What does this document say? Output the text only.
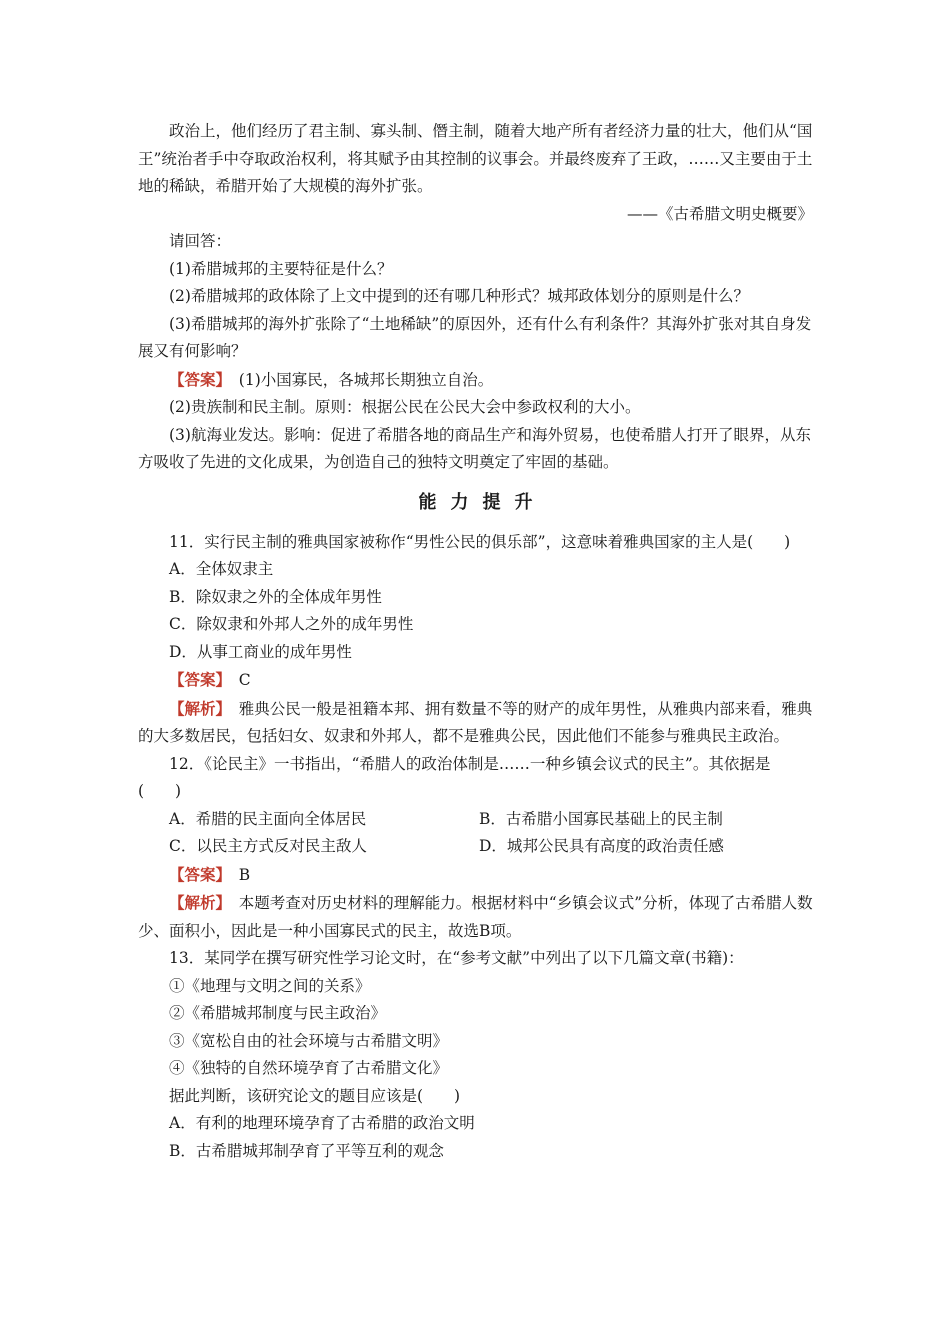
政治上，他们经历了君主制、寡头制、僭主制，随着大地产所有者经济力量的壮大，他们从“国王”统治者手中夺取政治权利，将其赋予由其控制的议事会。并最终废弃了王政，……又主要由于土地的稀缺，希腊开始了大规模的海外扩张。

——《古希腊文明史概要》

请回答：

(1)希腊城邦的主要特征是什么？

(2)希腊城邦的政体除了上文中提到的还有哪几种形式？城邦政体划分的原则是什么？

(3)希腊城邦的海外扩张除了“土地稀缺”的原因外，还有什么有利条件？其海外扩张对其自身发展又有何影响？

【答案】　 (1)小国寡民，各城邦长期独立自治。

(2)贵族制和民主制。原则：根据公民在公民大会中参政权利的大小。

(3)航海业发达。影响：促进了希腊各地的商品生产和海外贸易，也使希腊人打开了眼界，从东方吸收了先进的文化成果，为创造自己的独特文明奠定了牢固的基础。

能力提升

11．实行民主制的雅典国家被称作“男性公民的俱乐部”，这意味着雅典国家的主人是(　　)

A．全体奴隶主

B．除奴隶之外的全体成年男性

C．除奴隶和外邦人之外的成年男性

D．从事工商业的成年男性

【答案】　 C

【解析】　 雅典公民一般是祖籍本邦、拥有数量不等的财产的成年男性，从雅典内部来看，雅典的大多数居民，包括妇女、奴隶和外邦人，都不是雅典公民，因此他们不能参与雅典民主政治。

12．《论民主》一书指出，“希腊人的政治体制是……一种乡镇会议式的民主”。其依据是(　　)

A．希腊的民主面向全体居民	B．古希腊小国寡民基础上的民主制
C．以民主方式反对民主敌人	D．城邦公民具有高度的政治责任感

【答案】　 B

【解析】　 本题考查对历史材料的理解能力。根据材料中“乡镇会议式”分析，体现了古希腊人数少、面积小，因此是一种小国寡民式的民主，故选B项。

13．某同学在撰写研究性学习论文时，在“参考文献”中列出了以下几篇文章(书籍)：

①《地理与文明之间的关系》

②《希腊城邦制度与民主政治》

③《宽松自由的社会环境与古希腊文明》

④《独特的自然环境孕育了古希腊文化》

据此判断，该研究论文的题目应该是(　　)

A．有利的地理环境孕育了古希腊的政治文明

B．古希腊城邦制孕育了平等互利的观念
